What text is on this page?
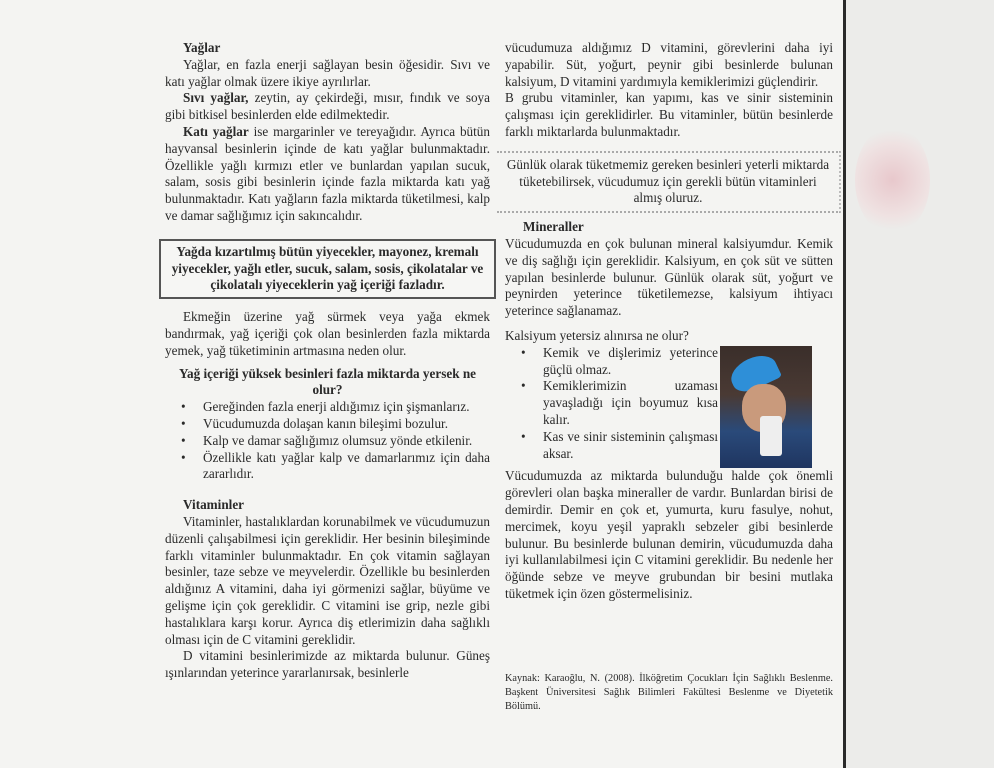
Yağlar

Yağlar, en fazla enerji sağlayan besin öğesidir. Sıvı ve katı yağlar olmak üzere ikiye ayrılırlar.

Sıvı yağlar, zeytin, ay çekirdeği, mısır, fındık ve soya gibi bitkisel besinlerden elde edilmektedir.

Katı yağlar ise margarinler ve tereyağıdır. Ayrıca bütün hayvansal besinlerin içinde de katı yağlar bulunmaktadır. Özellikle yağlı kırmızı etler ve bunlardan yapılan sucuk, salam, sosis gibi besinlerin içinde fazla miktarda katı yağ bulunmaktadır. Katı yağların fazla miktarda tüketilmesi, kalp ve damar sağlığımız için sakıncalıdır.

Yağda kızartılmış bütün yiyecekler, mayonez, kremalı yiyecekler, yağlı etler, sucuk, salam, sosis, çikolatalar ve çikolatalı yiyeceklerin yağ içeriği fazladır.

Ekmeğin üzerine yağ sürmek veya yağa ekmek bandırmak, yağ içeriği çok olan besinlerden fazla miktarda yemek, yağ tüketiminin artmasına neden olur.

Yağ içeriği yüksek besinleri fazla miktarda yersek ne olur?

• Gereğinden fazla enerji aldığımız için şişmanlarız.
• Vücudumuzda dolaşan kanın bileşimi bozulur.
• Kalp ve damar sağlığımız olumsuz yönde etkilenir.
• Özellikle katı yağlar kalp ve damarlarımız için daha zararlıdır.
Vitaminler

Vitaminler, hastalıklardan korunabilmek ve vücudumuzun düzenli çalışabilmesi için gereklidir. Her besinin bileşiminde farklı vitaminler bulunmaktadır. En çok vitamin sağlayan besinler, taze sebze ve meyvelerdir. Özellikle bu besinlerden aldığınız A vitamini, daha iyi görmenizi sağlar, büyüme ve gelişme için çok gereklidir. C vitamini ise grip, nezle gibi hastalıklara karşı korur. Ayrıca diş etlerimizin daha sağlıklı olması için de C vitamini gereklidir.

D vitamini besinlerimizde az miktarda bulunur. Güneş ışınlarından yeterince yararlanırsak, besinlerle

vücudumuza aldığımız D vitamini, görevlerini daha iyi yapabilir. Süt, yoğurt, peynir gibi besinlerde bulunan kalsiyum, D vitamini yardımıyla kemiklerimizi güçlendirir.

B grubu vitaminler, kan yapımı, kas ve sinir sisteminin çalışması için gereklidirler. Bu vitaminler, bütün besinlerde farklı miktarlarda bulunmaktadır.

Günlük olarak tüketmemiz gereken besinleri yeterli miktarda tüketebilirsek, vücudumuz için gerekli bütün vitaminleri almış oluruz.
Mineraller

Vücudumuzda en çok bulunan mineral kalsiyumdur. Kemik ve diş sağlığı için gereklidir. Kalsiyum, en çok süt ve sütten yapılan besinlerde bulunur. Günlük olarak süt, yoğurt ve peynirden yeterince tüketilemezse, kalsiyum ihtiyacı yeterince sağlanamaz.

Kalsiyum yetersiz alınırsa ne olur?

• Kemik ve dişlerimiz yeterince güçlü olmaz.
• Kemiklerimizin uzaması yavaşladığı için boyumuz kısa kalır.
• Kas ve sinir sisteminin çalışması aksar.

Vücudumuzda az miktarda bulunduğu halde çok önemli görevleri olan başka mineraller de vardır. Bunlardan birisi de demirdir. Demir en çok et, yumurta, kuru fasulye, nohut, mercimek, koyu yeşil yapraklı sebzeler gibi besinlerde bulunur. Bu besinlerde bulunan demirin, vücudumuzda daha iyi kullanılabilmesi için C vitamini gereklidir. Bu nedenle her öğünde sebze ve meyve grubundan bir besini mutlaka tüketmek için özen göstermelisiniz.

Kaynak: Karaoğlu, N. (2008). İlköğretim Çocukları İçin Sağlıklı Beslenme. Başkent Üniversitesi Sağlık Bilimleri Fakültesi Beslenme ve Diyetetik Bölümü.
